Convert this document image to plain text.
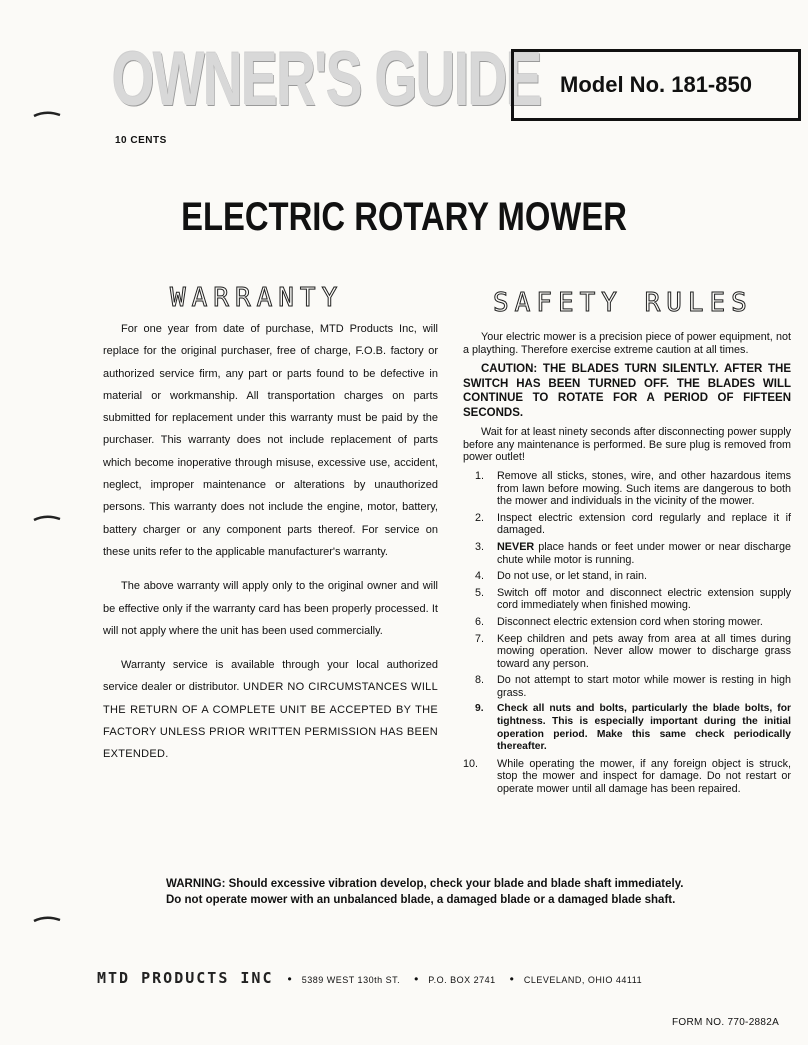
OWNER'S GUIDE Model No. 181-850
10 CENTS
ELECTRIC ROTARY MOWER
WARRANTY	SAFETY RULES

For one year from date of purchase, MTD Products Inc, will replace for the original purchaser, free of charge, F.O.B. factory or authorized service firm, any part or parts found to be defective in material or workmanship. All transportation charges on parts submitted for replacement under this warranty must be paid by the purchaser. This warranty does not include replacement of parts which become inoperative through misuse, excessive use, accident, neglect, improper maintenance or alterations by unauthorized persons. This warranty does not include the engine, motor, battery, battery charger or any component parts thereof. For service on these units refer to the applicable manufacturer's warranty.

The above warranty will apply only to the original owner and will be effective only if the warranty card has been properly processed. It will not apply where the unit has been used commercially.

Warranty service is available through your local authorized service dealer or distributor. UNDER NO CIRCUMSTANCES WILL THE RETURN OF A COMPLETE UNIT BE ACCEPTED BY THE FACTORY UNLESS PRIOR WRITTEN PERMISSION HAS BEEN EXTENDED.

Your electric mower is a precision piece of power equipment, not a plaything. Therefore exercise extreme caution at all times.

CAUTION: THE BLADES TURN SILENTLY. AFTER THE SWITCH HAS BEEN TURNED OFF. THE BLADES WILL CONTINUE TO ROTATE FOR A PERIOD OF FIFTEEN SECONDS.

Wait for at least ninety seconds after disconnecting power supply before any maintenance is performed. Be sure plug is removed from power outlet!

1.	Remove all sticks, stones, wire, and other hazardous items from lawn before mowing. Such items are dangerous to both the mower and individuals in the vicinity of the mower.
2.	Inspect electric extension cord regularly and replace it if damaged.
3.	NEVER place hands or feet under mower or near discharge chute while motor is running.
4.	Do not use, or let stand, in rain.
5.	Switch off motor and disconnect electric extension supply cord immediately when finished mowing.
6.	Disconnect electric extension cord when storing mower.
7.	Keep children and pets away from area at all times during mowing operation. Never allow mower to discharge grass toward any person.
8.	Do not attempt to start motor while mower is resting in high grass.
9.	Check all nuts and bolts, particularly the blade bolts, for tightness. This is especially important during the initial operation period. Make this same check periodically thereafter.
10.	While operating the mower, if any foreign object is struck, stop the mower and inspect for damage. Do not restart or operate mower until all damage has been repaired.
WARNING: Should excessive vibration develop, check your blade and blade shaft immediately.
Do not operate mower with an unbalanced blade, a damaged blade or a damaged blade shaft.
MTD PRODUCTS INC • 5389 WEST 130th ST. • P.O. BOX 2741 • CLEVELAND, OHIO 44111
FORM NO. 770-2882A
